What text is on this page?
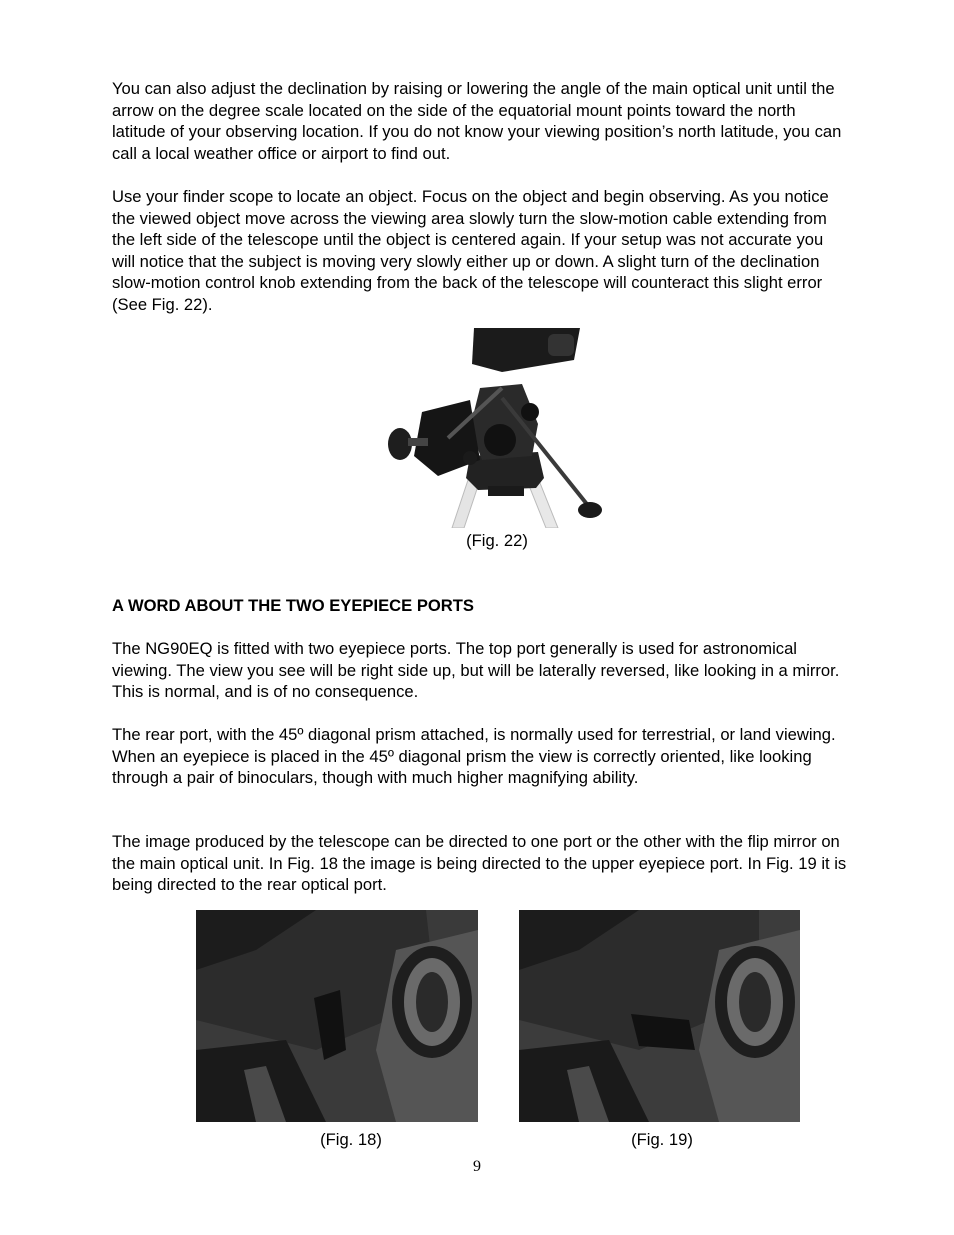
You can also adjust the declination by raising or lowering the angle of the main optical unit until the arrow on the degree scale located on the side of the equatorial mount points toward the north latitude of your observing location. If you do not know your viewing position’s north latitude, you can call a local weather office or airport to find out.

Use your finder scope to locate an object. Focus on the object and begin observing. As you notice the viewed object move across the viewing area slowly turn the slow-motion cable extending from the left side of the telescope until the object is centered again. If your setup was not accurate you will notice that the subject is moving very slowly either up or down. A slight turn of the declination slow-motion control knob extending from the back of the telescope will counteract this slight error (See Fig. 22).

(Fig. 22)
A WORD ABOUT THE TWO EYEPIECE PORTS

The NG90EQ is fitted with two eyepiece ports. The top port generally is used for astronomical viewing. The view you see will be right side up, but will be laterally reversed, like looking in a mirror. This is normal, and is of no consequence.

The rear port, with the 45º diagonal prism attached, is normally used for terrestrial, or land viewing. When an eyepiece is placed in the 45º diagonal prism the view is correctly oriented, like looking through a pair of binoculars, though with much higher magnifying ability.

The image produced by the telescope can be directed to one port or the other with the flip mirror on the main optical unit. In Fig. 18 the image is being directed to the upper eyepiece port. In Fig. 19 it is being directed to the rear optical port.

(Fig. 18)	(Fig. 19)
9
